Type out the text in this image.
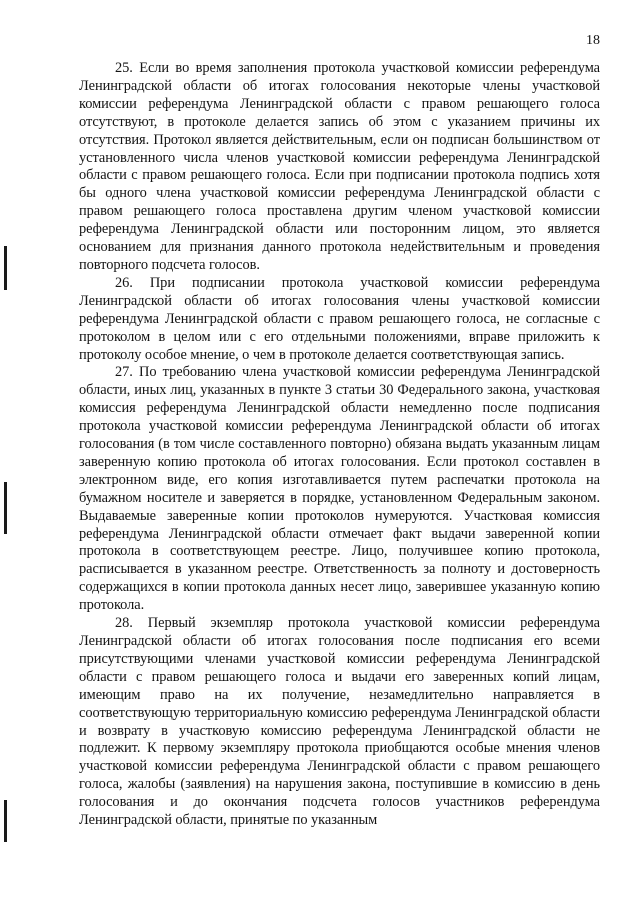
18

25. Если во время заполнения протокола участковой комиссии референдума Ленинградской области об итогах голосования некоторые члены участковой комиссии референдума Ленинградской области с правом решающего голоса отсутствуют, в протоколе делается запись об этом с указанием причины их отсутствия. Протокол является действительным, если он подписан большинством от установленного числа членов участковой комиссии референдума Ленинградской области с правом решающего голоса. Если при подписании протокола подпись хотя бы одного члена участковой комиссии референдума Ленинградской области с правом решающего голоса проставлена другим членом участковой комиссии референдума Ленинградской области или посторонним лицом, это является основанием для признания данного протокола недействительным и проведения повторного подсчета голосов.

26. При подписании протокола участковой комиссии референдума Ленинградской области об итогах голосования члены участковой комиссии референдума Ленинградской области с правом решающего голоса, не согласные с протоколом в целом или с его отдельными положениями, вправе приложить к протоколу особое мнение, о чем в протоколе делается соответствующая запись.

27. По требованию члена участковой комиссии референдума Ленинградской области, иных лиц, указанных в пункте 3 статьи 30 Федерального закона, участковая комиссия референдума Ленинградской области немедленно после подписания протокола участковой комиссии референдума Ленинградской области об итогах голосования (в том числе составленного повторно) обязана выдать указанным лицам заверенную копию протокола об итогах голосования. Если протокол составлен в электронном виде, его копия изготавливается путем распечатки протокола на бумажном носителе и заверяется в порядке, установленном Федеральным законом. Выдаваемые заверенные копии протоколов нумеруются. Участковая комиссия референдума Ленинградской области отмечает факт выдачи заверенной копии протокола в соответствующем реестре. Лицо, получившее копию протокола, расписывается в указанном реестре. Ответственность за полноту и достоверность содержащихся в копии протокола данных несет лицо, заверившее указанную копию протокола.

28. Первый экземпляр протокола участковой комиссии референдума Ленинградской области об итогах голосования после подписания его всеми присутствующими членами участковой комиссии референдума Ленинградской области с правом решающего голоса и выдачи его заверенных копий лицам, имеющим право на их получение, незамедлительно направляется в соответствующую территориальную комиссию референдума Ленинградской области и возврату в участковую комиссию референдума Ленинградской области не подлежит. К первому экземпляру протокола приобщаются особые мнения членов участковой комиссии референдума Ленинградской области с правом решающего голоса, жалобы (заявления) на нарушения закона, поступившие в комиссию в день голосования и до окончания подсчета голосов участников референдума Ленинградской области, принятые по указанным
